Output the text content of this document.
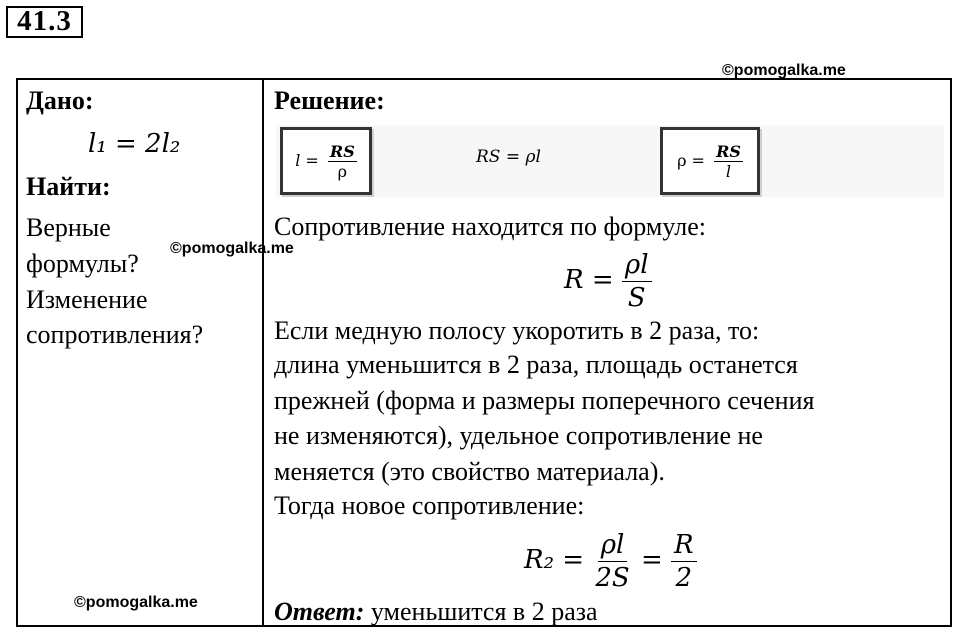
41.3
©pomogalka.me
Дано:
l₁ = 2l₂
Найти:
Верные
формулы?
Изменение
сопротивления?
©pomogalka.me
©pomogalka.me
Решение:
$l = \frac{RS}{\rho}$	RS = ρl	$\rho = \frac{RS}{l}$
Сопротивление находится по формуле:
$R = \frac{\rho l}{S}$
Если медную полосу укоротить в 2 раза, то:
длина уменьшится в 2 раза, площадь останется
прежней (форма и размеры поперечного сечения
не изменяются), удельное сопротивление не
меняется (это свойство материала).
Тогда новое сопротивление:
$R_2 = \frac{\rho l}{2S} = \frac{R}{2}$
Ответ: уменьшится в 2 раза
